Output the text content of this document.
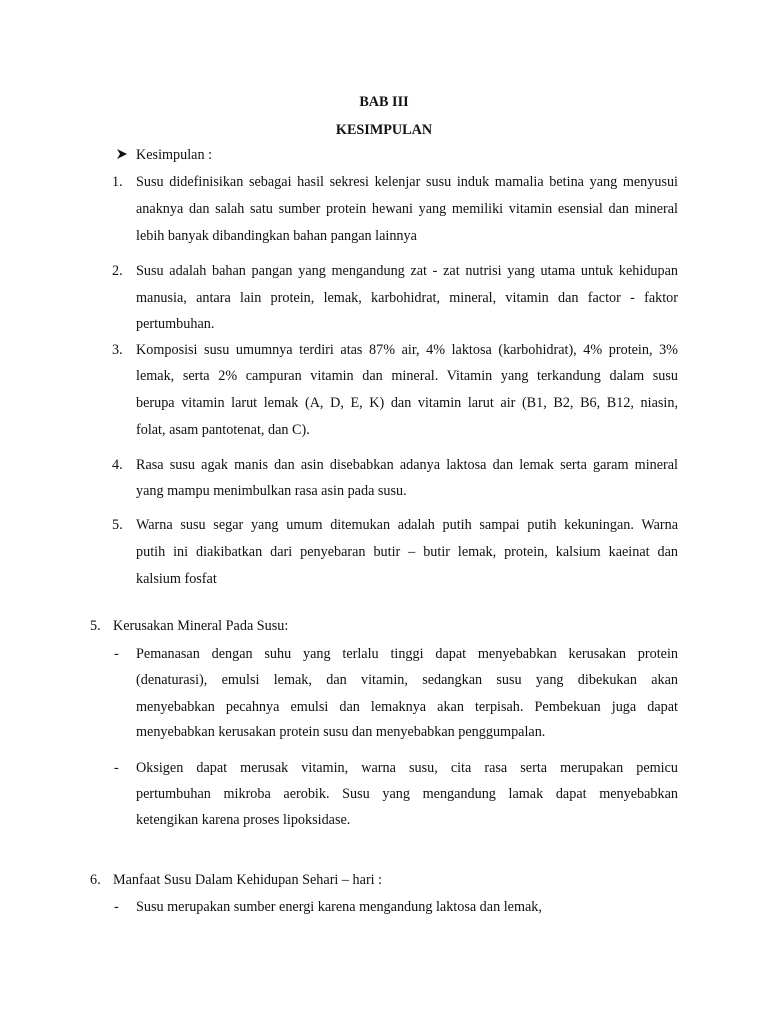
BAB III
KESIMPULAN
Kesimpulan :
1. Susu didefinisikan sebagai hasil sekresi kelenjar susu induk mamalia betina yang menyusui
anaknya dan salah satu sumber protein hewani yang memiliki vitamin esensial dan mineral
lebih banyak dibandingkan bahan pangan lainnya
2. Susu adalah bahan pangan yang mengandung zat - zat nutrisi yang utama untuk kehidupan
manusia, antara lain protein, lemak, karbohidrat, mineral, vitamin dan factor - faktor
pertumbuhan.
3. Komposisi susu umumnya terdiri atas 87% air, 4% laktosa (karbohidrat), 4% protein, 3%
lemak, serta 2% campuran vitamin dan mineral. Vitamin yang terkandung dalam susu
berupa vitamin larut lemak (A, D, E, K) dan vitamin larut air (B1, B2, B6, B12, niasin,
folat, asam pantotenat, dan C).
4. Rasa susu agak manis dan asin disebabkan adanya laktosa dan lemak serta garam mineral
yang mampu menimbulkan rasa asin pada susu.
5. Warna susu segar yang umum ditemukan adalah putih sampai putih kekuningan. Warna
putih ini diakibatkan dari penyebaran butir – butir lemak, protein, kalsium kaeinat dan
kalsium fosfat
5. Kerusakan Mineral Pada Susu:
- Pemanasan dengan suhu yang terlalu tinggi dapat menyebabkan kerusakan protein
(denaturasi), emulsi lemak, dan vitamin, sedangkan susu yang dibekukan akan
menyebabkan pecahnya emulsi dan lemaknya akan terpisah. Pembekuan juga dapat
menyebabkan kerusakan protein susu dan menyebabkan penggumpalan.
- Oksigen dapat merusak vitamin, warna susu, cita rasa serta merupakan pemicu
pertumbuhan mikroba aerobik. Susu yang mengandung lamak dapat menyebabkan
ketengikan karena proses lipoksidase.
6. Manfaat Susu Dalam Kehidupan Sehari – hari :
- Susu merupakan sumber energi karena mengandung laktosa dan lemak,
